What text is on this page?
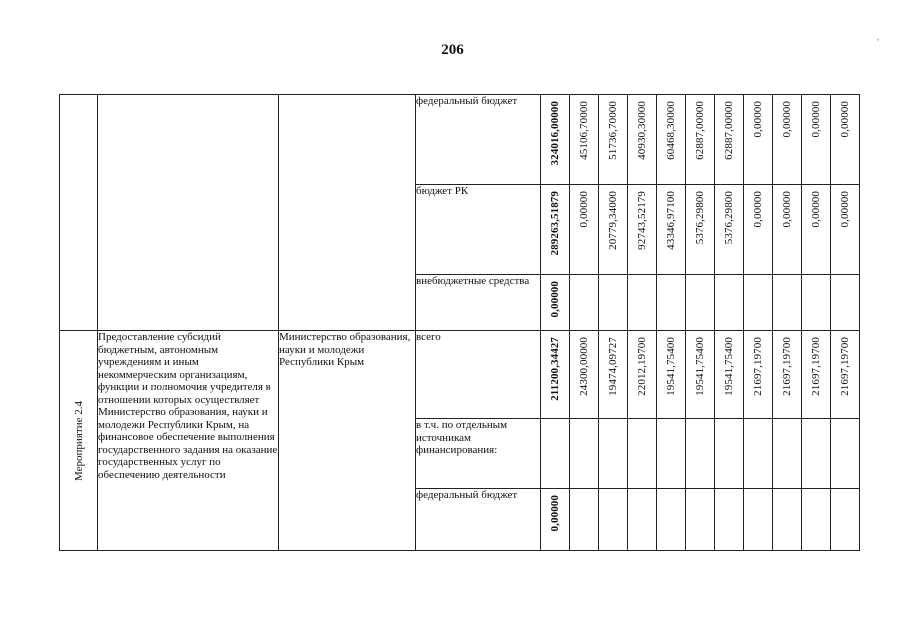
206
,
			федеральный бюджет	324016,00000	45106,70000	51736,70000	40930,30000	60468,30000	62887,00000	62887,00000	0,00000	0,00000	0,00000	0,00000

			бюджет РК	289263,51879	0,00000	20779,34000	92743,52179	43346,97100	5376,29800	5376,29800	0,00000	0,00000	0,00000	0,00000

			внебюджетные средства	0,00000										

Мероприятие 2.4	Предоставление субсидий бюджетным, автономным учреждениям и иным некоммерческим организациям, функции и полномочия учредителя в отношении которых осуществляет Министерство образования, науки и молодежи Республики Крым, на финансовое обеспечение выполнения государственного задания на оказание государственных услуг по обеспечению деятельности	Министерство образования, науки и молодежи Республики Крым	всего	211200,34427	24300,00000	19474,09727	22012,19700	19541,75400	19541,75400	19541,75400	21697,19700	21697,19700	21697,19700	21697,19700

			в т.ч. по отдельным источникам финансирования:											
			федеральный бюджет	0,00000										
